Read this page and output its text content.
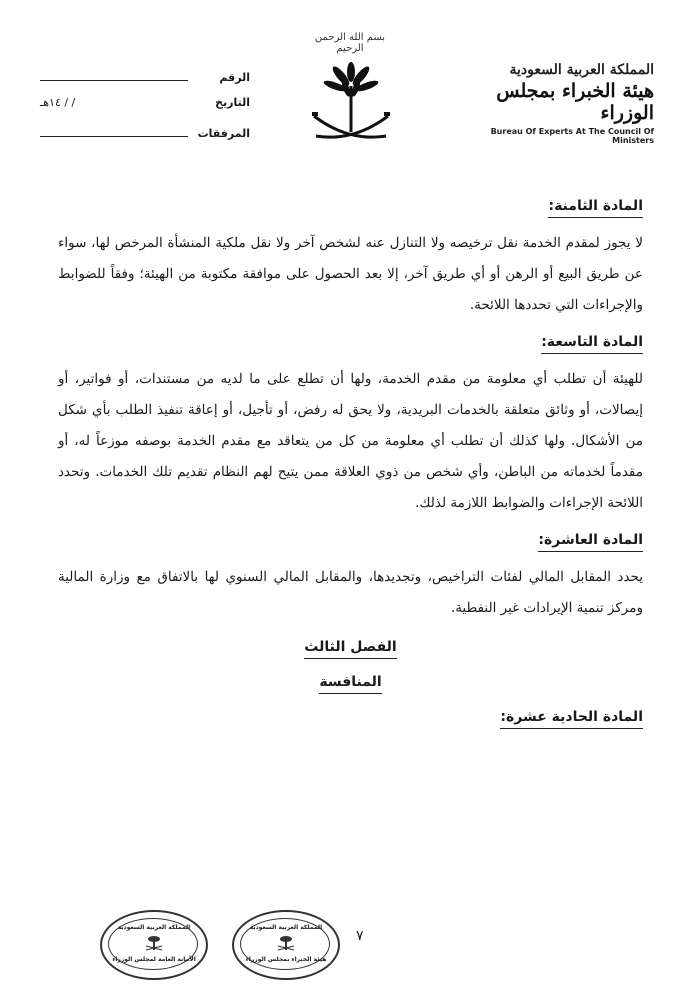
بسم الله الرحمن الرحيم
الرقم
التاريخ
/ / ١٤هـ
المرفقات
المملكة العربية السعودية
هيئة الخبراء بمجلس الوزراء
Bureau Of Experts At The Council Of Ministers
المادة الثامنة:

لا يجوز لمقدم الخدمة نقل ترخيصه ولا التنازل عنه لشخص آخر ولا نقل ملكية المنشأة المرخص لها، سواء عن طريق البيع أو الرهن أو أي طريق آخر، إلا بعد الحصول على موافقة مكتوبة من الهيئة؛ وفقاً للضوابط والإجراءات التي تحددها اللائحة.

المادة التاسعة:

للهيئة أن تطلب أي معلومة من مقدم الخدمة، ولها أن تطلع على ما لديه من مستندات، أو فواتير، أو إيصالات، أو وثائق متعلقة بالخدمات البريدية، ولا يحق له رفض، أو تأجيل، أو إعاقة تنفيذ الطلب بأي شكل من الأشكال. ولها كذلك أن تطلب أي معلومة من كل من يتعاقد مع مقدم الخدمة بوصفه موزعاً له، أو مقدماً لخدماته من الباطن، وأي شخص من ذوي العلاقة ممن يتيح لهم النظام تقديم تلك الخدمات. وتحدد اللائحة الإجراءات والضوابط اللازمة لذلك.

المادة العاشرة:

يحدد المقابل المالي لفئات التراخيص، وتجديدها، والمقابل المالي السنوي لها بالاتفاق مع وزارة المالية ومركز تنمية الإيرادات غير النفطية.

الفصل الثالث
المنافسة
المادة الحادية عشرة:
المملكة العربية السعودية
الأمانة العامة لمجلس الوزراء
المملكة العربية السعودية
هيئة الخبراء بمجلس الوزراء
٧
